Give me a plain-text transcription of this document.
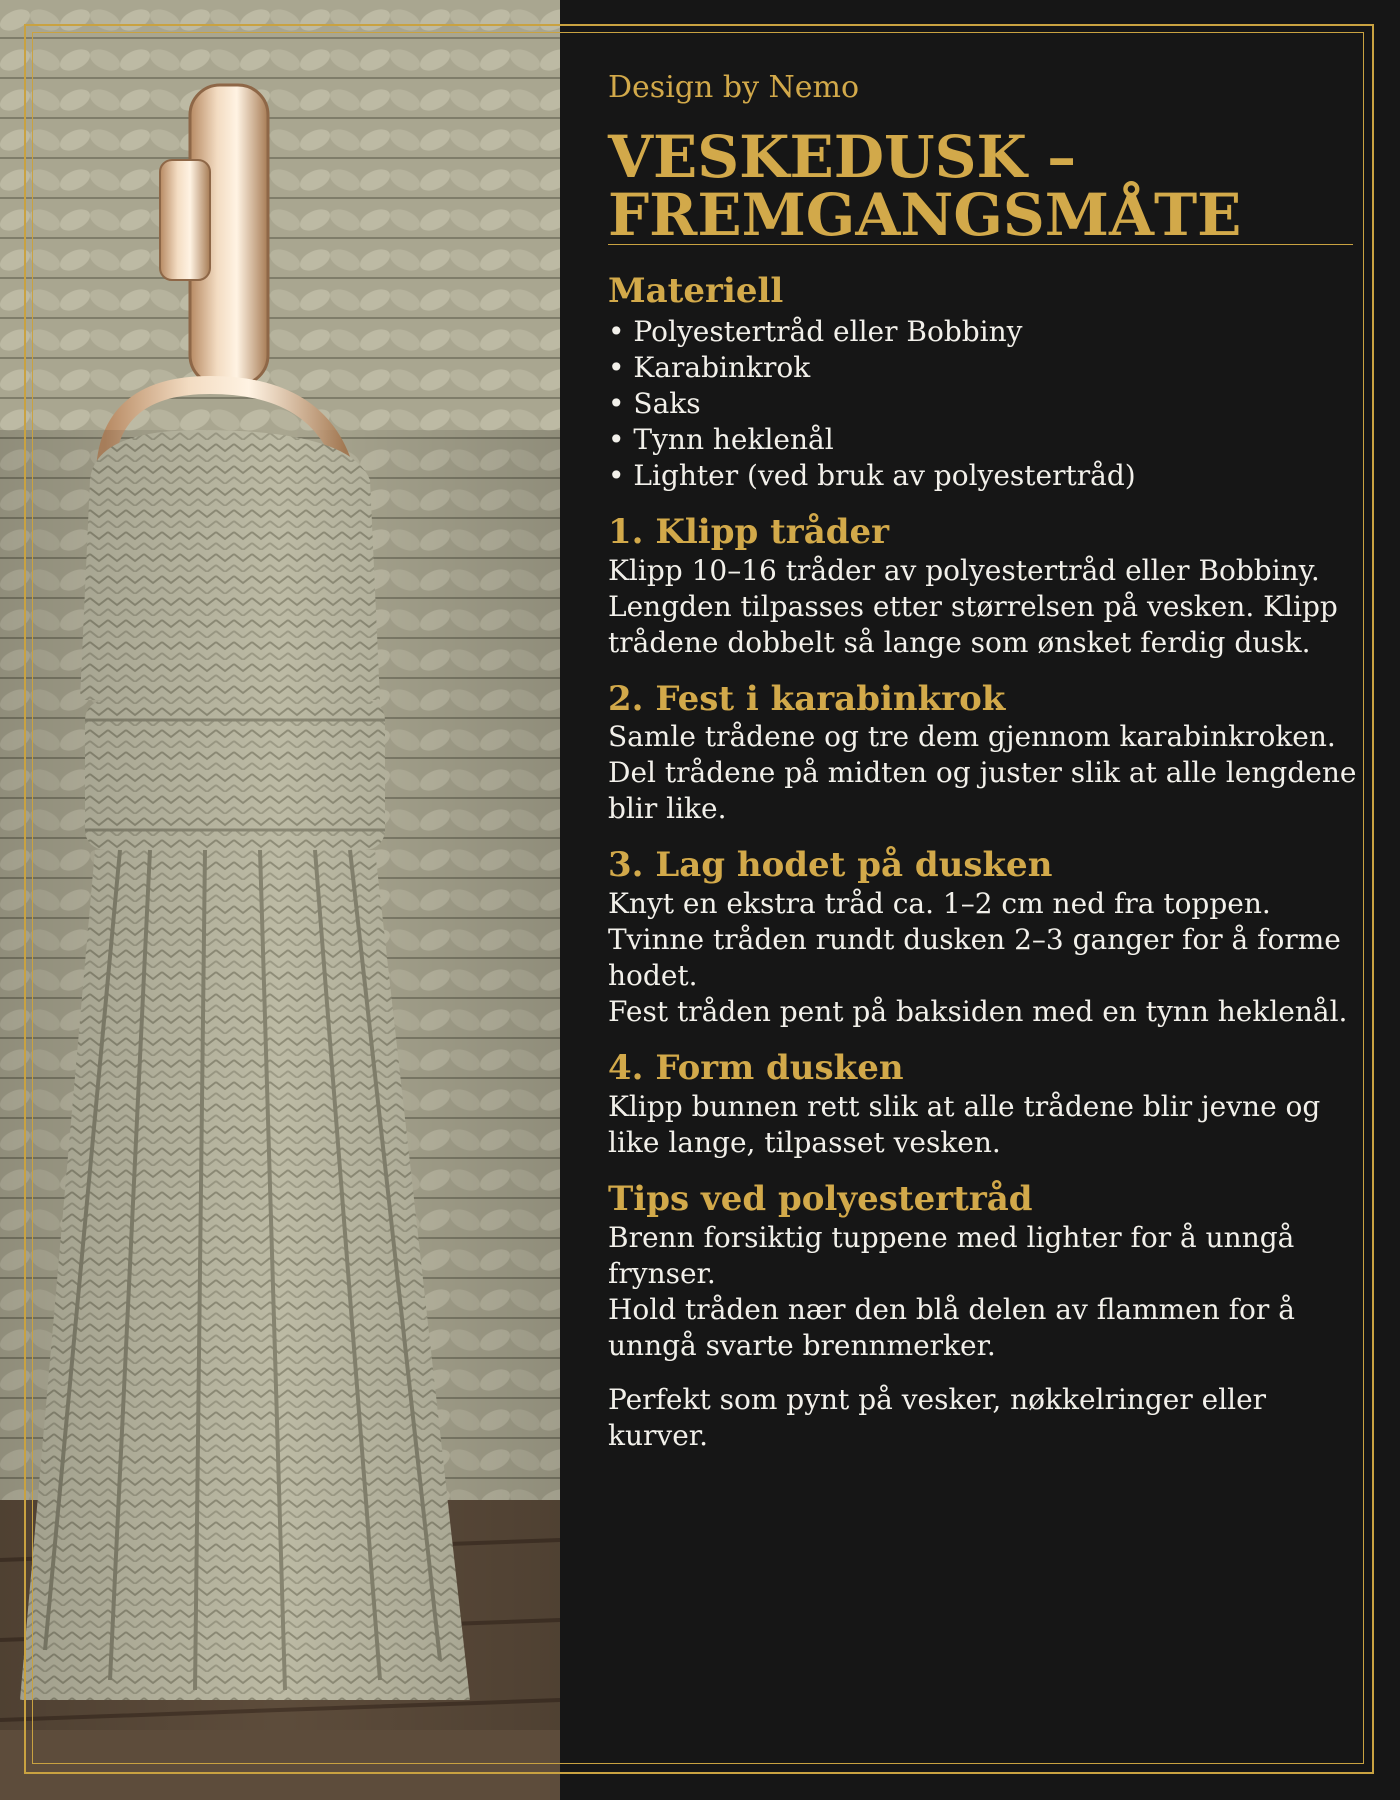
Design by Nemo

VESKEDUSK –
FREMGANGSMÅTE
Materiell
• Polyestertråd eller Bobbiny
• Karabinkrok
• Saks
• Tynn heklenål
• Lighter (ved bruk av polyestertråd)
1. Klipp tråder

Klipp 10–16 tråder av polyestertråd eller Bobbiny.

Lengden tilpasses etter størrelsen på vesken. Klipp trådene dobbelt så lange som ønsket ferdig dusk.

2. Fest i karabinkrok

Samle trådene og tre dem gjennom karabinkroken.

Del trådene på midten og juster slik at alle lengdene blir like.

3. Lag hodet på dusken

Knyt en ekstra tråd ca. 1–2 cm ned fra toppen.

Tvinne tråden rundt dusken 2–3 ganger for å forme hodet.

Fest tråden pent på baksiden med en tynn heklenål.

4. Form dusken

Klipp bunnen rett slik at alle trådene blir jevne og like lange, tilpasset vesken.

Tips ved polyestertråd

Brenn forsiktig tuppene med lighter for å unngå frynser.

Hold tråden nær den blå delen av flammen for å unngå svarte brennmerker.

Perfekt som pynt på vesker, nøkkelringer eller kurver.
